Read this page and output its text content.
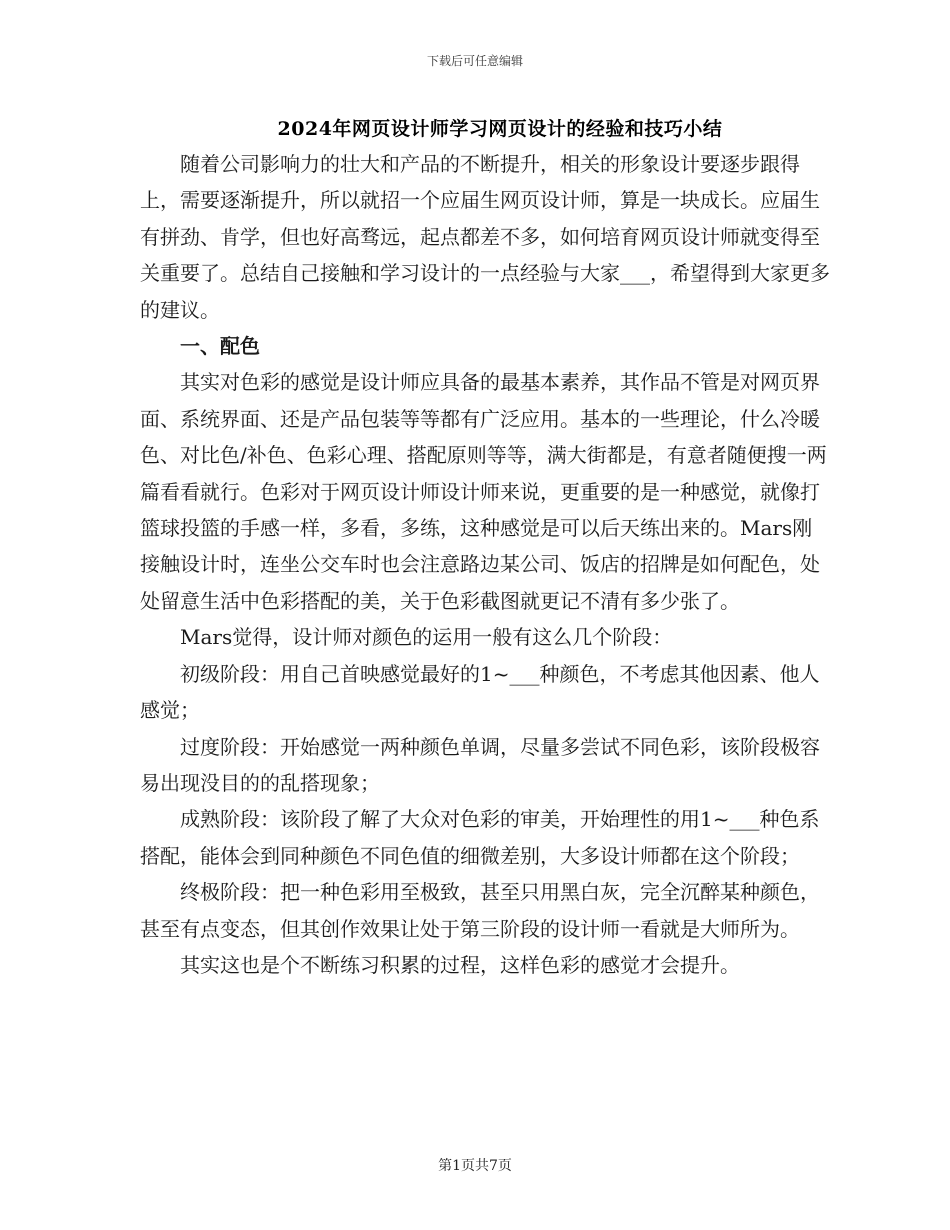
下载后可任意编辑
2024年网页设计师学习网页设计的经验和技巧小结

随着公司影响力的壮大和产品的不断提升，相关的形象设计要逐步跟得上，需要逐渐提升，所以就招一个应届生网页设计师，算是一块成长。应届生有拼劲、肯学，但也好高骛远，起点都差不多，如何培育网页设计师就变得至关重要了。总结自己接触和学习设计的一点经验与大家___，希望得到大家更多的建议。

一、配色

其实对色彩的感觉是设计师应具备的最基本素养，其作品不管是对网页界面、系统界面、还是产品包装等等都有广泛应用。基本的一些理论，什么冷暖色、对比色/补色、色彩心理、搭配原则等等，满大街都是，有意者随便搜一两篇看看就行。色彩对于网页设计师设计师来说，更重要的是一种感觉，就像打篮球投篮的手感一样，多看，多练，这种感觉是可以后天练出来的。Mars刚接触设计时，连坐公交车时也会注意路边某公司、饭店的招牌是如何配色，处处留意生活中色彩搭配的美，关于色彩截图就更记不清有多少张了。

Mars觉得，设计师对颜色的运用一般有这么几个阶段：

初级阶段：用自己首映感觉最好的1~___种颜色，不考虑其他因素、他人感觉；

过度阶段：开始感觉一两种颜色单调，尽量多尝试不同色彩，该阶段极容易出现没目的的乱搭现象；

成熟阶段：该阶段了解了大众对色彩的审美，开始理性的用1~___种色系搭配，能体会到同种颜色不同色值的细微差别，大多设计师都在这个阶段；

终极阶段：把一种色彩用至极致，甚至只用黑白灰，完全沉醉某种颜色，甚至有点变态，但其创作效果让处于第三阶段的设计师一看就是大师所为。

其实这也是个不断练习积累的过程，这样色彩的感觉才会提升。

第1页共7页
